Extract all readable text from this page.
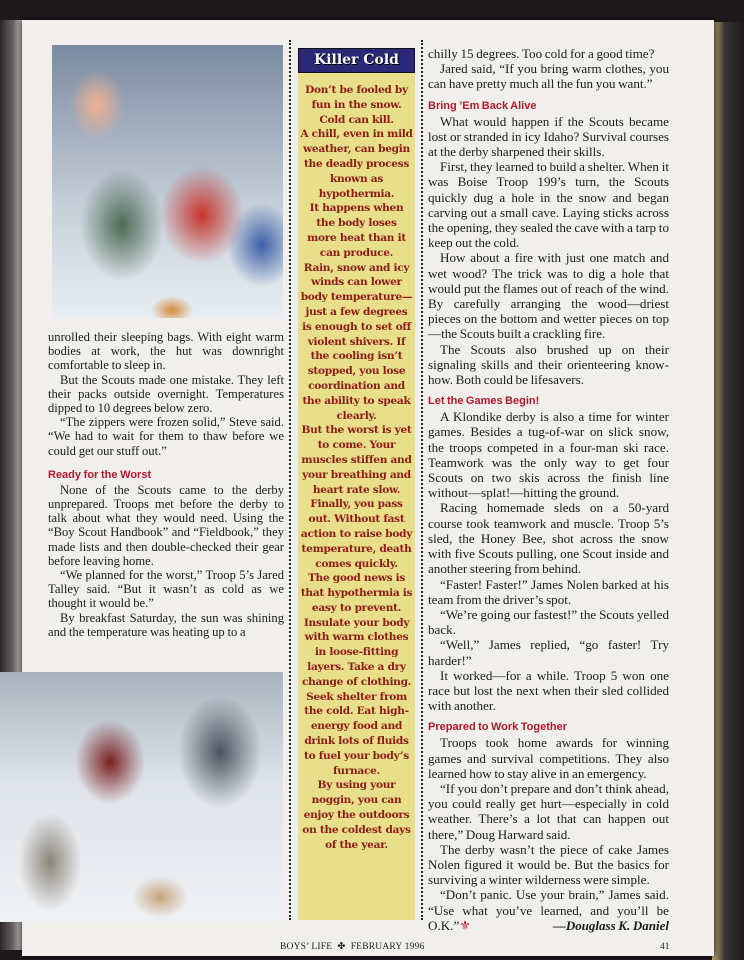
unrolled their sleeping bags. With eight warm bodies at work, the hut was downright comfortable to sleep in.

But the Scouts made one mistake. They left their packs outside overnight. Temperatures dipped to 10 degrees below zero.

“The zippers were frozen solid,” Steve said. “We had to wait for them to thaw before we could get our stuff out.”

Ready for the Worst

None of the Scouts came to the derby unprepared. Troops met before the derby to talk about what they would need. Using the “Boy Scout Handbook” and “Fieldbook,” they made lists and then double-checked their gear before leaving home.

“We planned for the worst,” Troop 5’s Jared Talley said. “But it wasn’t as cold as we thought it would be.”

By breakfast Saturday, the sun was shining and the temperature was heating up to a

Killer Cold

Don’t be fooled by fun in the snow. Cold can kill.

A chill, even in mild weather, can begin the deadly process known as hypothermia.

It happens when the body loses more heat than it can produce.

Rain, snow and icy winds can lower body temperature—just a few degrees is enough to set off violent shivers. If the cooling isn’t stopped, you lose coordination and the ability to speak clearly.

But the worst is yet to come. Your muscles stiffen and your breathing and heart rate slow. Finally, you pass out. Without fast action to raise body temperature, death comes quickly.

The good news is that hypothermia is easy to prevent. Insulate your body with warm clothes in loose-fitting layers. Take a dry change of clothing. Seek shelter from the cold. Eat high-energy food and drink lots of fluids to fuel your body’s furnace.

By using your noggin, you can enjoy the outdoors on the coldest days of the year.

chilly 15 degrees. Too cold for a good time?

Jared said, “If you bring warm clothes, you can have pretty much all the fun you want.”

Bring ’Em Back Alive

What would happen if the Scouts became lost or stranded in icy Idaho? Survival courses at the derby sharpened their skills.

First, they learned to build a shelter. When it was Boise Troop 199’s turn, the Scouts quickly dug a hole in the snow and began carving out a small cave. Laying sticks across the opening, they sealed the cave with a tarp to keep out the cold.

How about a fire with just one match and wet wood? The trick was to dig a hole that would put the flames out of reach of the wind. By carefully arranging the wood—driest pieces on the bottom and wetter pieces on top—the Scouts built a crackling fire.

The Scouts also brushed up on their signaling skills and their orienteering know-how. Both could be lifesavers.

Let the Games Begin!

A Klondike derby is also a time for winter games. Besides a tug-of-war on slick snow, the troops competed in a four-man ski race. Teamwork was the only way to get four Scouts on two skis across the finish line without—splat!—hitting the ground.

Racing homemade sleds on a 50-yard course took teamwork and muscle. Troop 5’s sled, the Honey Bee, shot across the snow with five Scouts pulling, one Scout inside and another steering from behind.

“Faster! Faster!” James Nolen barked at his team from the driver’s spot.

“We’re going our fastest!” the Scouts yelled back.

“Well,” James replied, “go faster! Try harder!”

It worked—for a while. Troop 5 won one race but lost the next when their sled collided with another.

Prepared to Work Together

Troops took home awards for winning games and survival competitions. They also learned how to stay alive in an emergency.

“If you don’t prepare and don’t think ahead, you could really get hurt—especially in cold weather. There’s a lot that can happen out there,” Doug Harward said.

The derby wasn’t the piece of cake James Nolen figured it would be. But the basics for surviving a winter wilderness were simple.

“Don’t panic. Use your brain,” James said. “Use what you’ve learned, and you’ll be O.K.”⚜	—Douglass K. Daniel

BOYS’ LIFE  ✤  FEBRUARY 1996	41
